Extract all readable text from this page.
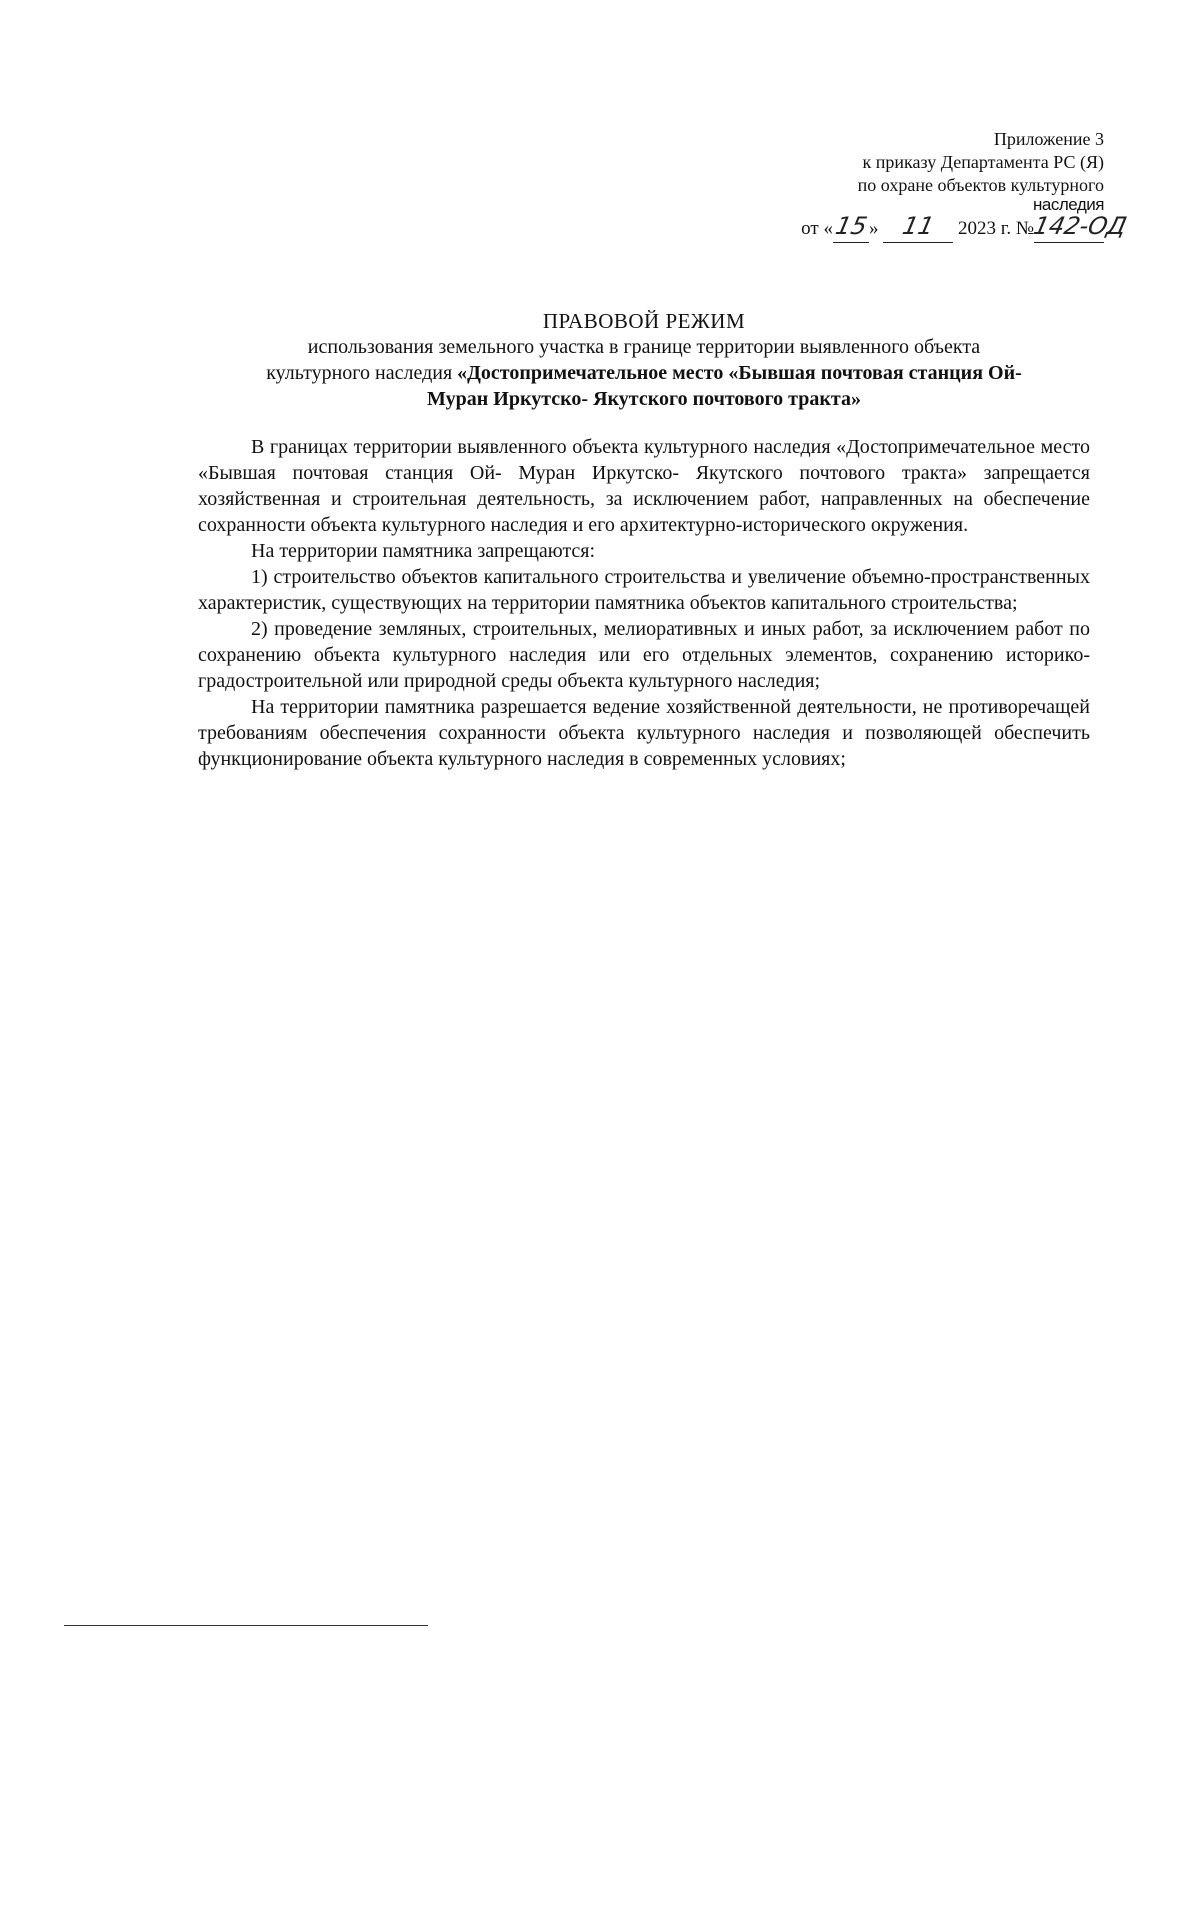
Приложение 3
к приказу Департамента РС (Я)
по охране объектов культурного
наследия
от «15» 11 2023 г. №142-ОД
ПРАВОВОЙ РЕЖИМ
использования земельного участка в границе территории выявленного объекта
культурного наследия «Достопримечательное место «Бывшая почтовая станция Ой-
Муран Иркутско- Якутского почтового тракта»

В границах территории выявленного объекта культурного наследия «Достопримечательное место «Бывшая почтовая станция Ой- Муран Иркутско- Якутского почтового тракта» запрещается хозяйственная и строительная деятельность, за исключением работ, направленных на обеспечение сохранности объекта культурного наследия и его архитектурно-исторического окружения.

На территории памятника запрещаются:

1) строительство объектов капитального строительства и увеличение объемно-пространственных характеристик, существующих на территории памятника объектов капитального строительства;

2) проведение земляных, строительных, мелиоративных и иных работ, за исключением работ по сохранению объекта культурного наследия или его отдельных элементов, сохранению историко-градостроительной или природной среды объекта культурного наследия;

На территории памятника разрешается ведение хозяйственной деятельности, не противоречащей требованиям обеспечения сохранности объекта культурного наследия и позволяющей обеспечить функционирование объекта культурного наследия в современных условиях;
